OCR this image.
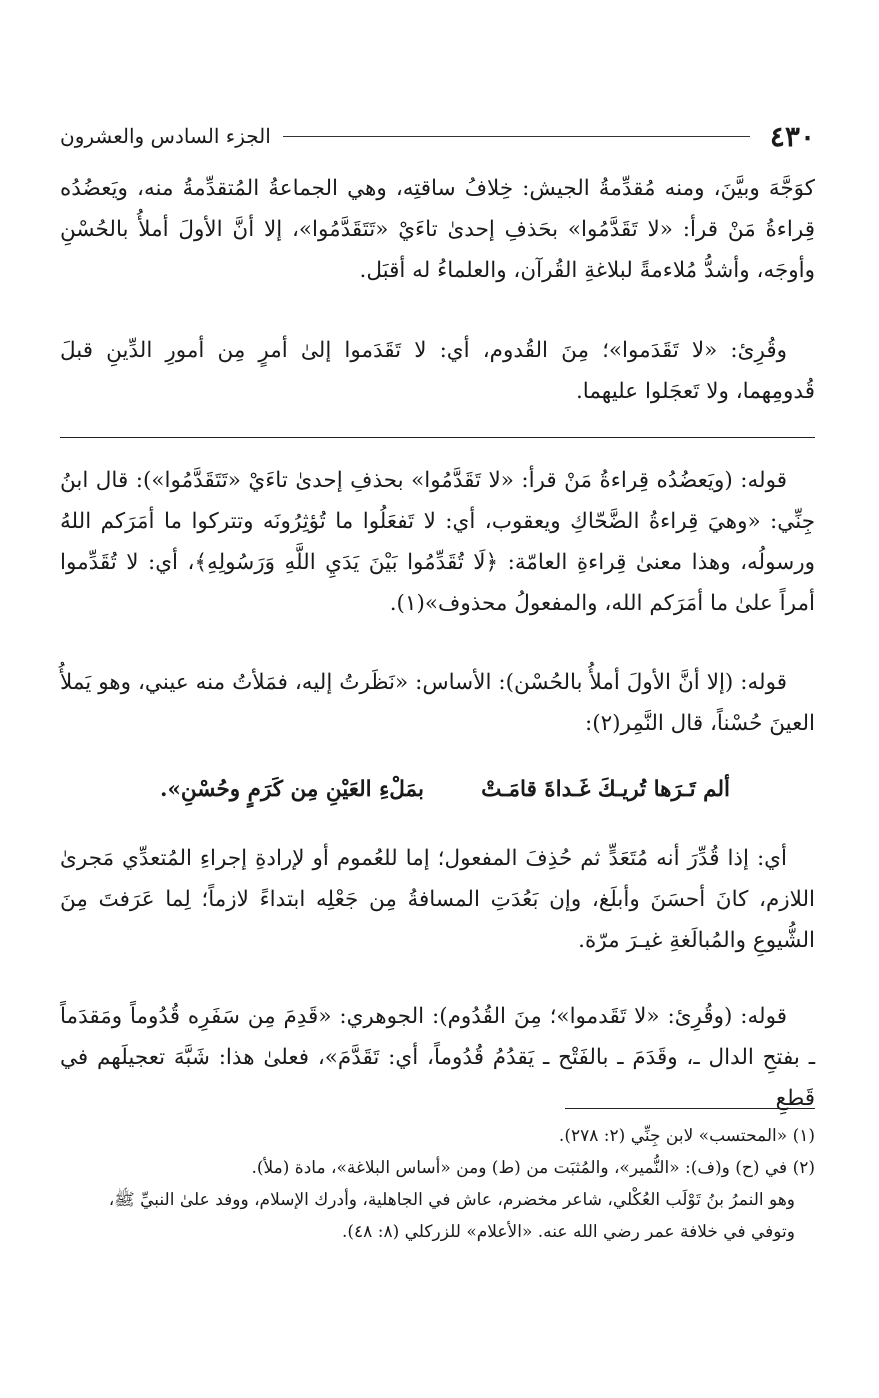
٤٣٠
الجزء السادس والعشرون

كوَجَّهَ وبيَّنَ، ومنه مُقدِّمةُ الجيش: خِلافُ ساقتِه، وهي الجماعةُ المُتقدِّمةُ منه، ويَعضُدُه قِراءةُ مَنْ قرأ: «لا تَقَدَّمُوا» بحَذفِ إحدىٰ تاءَيْ «تَتَقَدَّمُوا»، إلا أنَّ الأولَ أملأُ بالحُسْنِ وأوجَه، وأشدُّ مُلاءمةً لبلاغةِ القُرآن، والعلماءُ له أقبَل.

وقُرِئ: «لا تَقَدَموا»؛ مِنَ القُدوم، أي: لا تَقَدَموا إلىٰ أمرٍ مِن أمورِ الدِّينِ قبلَ قُدومِهما، ولا تَعجَلوا عليهما.

قوله: (ويَعضُدُه قِراءةُ مَنْ قرأ: «لا تَقَدَّمُوا» بحذفِ إحدىٰ تاءَيْ «تَتَقَدَّمُوا»): قال ابنُ جِنِّي: «وهيَ قِراءةُ الضَّحّاكِ ويعقوب، أي: لا تَفعَلُوا ما تُؤثِرُونَه وتتركوا ما أمَرَكم اللهُ ورسولُه، وهذا معنىٰ قِراءةِ العامّة: ﴿لَا تُقَدِّمُوا بَيْنَ يَدَيِ اللَّهِ وَرَسُولِهِ﴾، أي: لا تُقَدِّموا أمراً علىٰ ما أمَرَكم الله، والمفعولُ محذوف»(١).

قوله: (إلا أنَّ الأولَ أملأُ بالحُسْن): الأساس: «نَظَرتُ إليه، فمَلأتُ منه عيني، وهو يَملأُ العينَ حُسْناً، قال النَّمِر(٢):

ألم تَـرَها تُريـكَ غَـداةَ قامَـتْ
بمَلْءِ العَيْنِ مِن كَرَمٍ وحُسْنِ».

أي: إذا قُدِّرَ أنه مُتَعَدٍّ ثم حُذِفَ المفعول؛ إما للعُموم أو لإرادةِ إجراءِ المُتعدِّي مَجرىٰ اللازم، كانَ أحسَنَ وأبلَغ، وإن بَعُدَتِ المسافةُ مِن جَعْلِه ابتداءً لازماً؛ لِما عَرَفتَ مِنَ الشُّيوعِ والمُبالَغةِ غيـرَ مرّة.

قوله: (وقُرِئ: «لا تَقَدموا»؛ مِنَ القُدُوم): الجوهري: «قَدِمَ مِن سَفَرِه قُدُوماً ومَقدَماً ـ بفتحِ الدال ـ، وقَدَمَ ـ بالفَتْح ـ يَقدُمُ قُدُوماً، أي: تَقَدَّمَ»، فعلىٰ هذا: شَبَّهَ تعجيلَهم في قَطعِ

(١) «المحتسب» لابن جِنِّي (٢: ٢٧٨).

(٢) في (ح) و(ف): «النُّمير»، والمُثبَت من (ط) ومن «أساس البلاغة»، مادة (ملأ).

وهو النمرُ بنُ تَوْلَب العُكْلي، شاعر مخضرم، عاش في الجاهلية، وأدرك الإسلام، ووفد علىٰ النبيِّ ﷺ، وتوفي في خلافة عمر رضي الله عنه. «الأعلام» للزركلي (٨: ٤٨).
